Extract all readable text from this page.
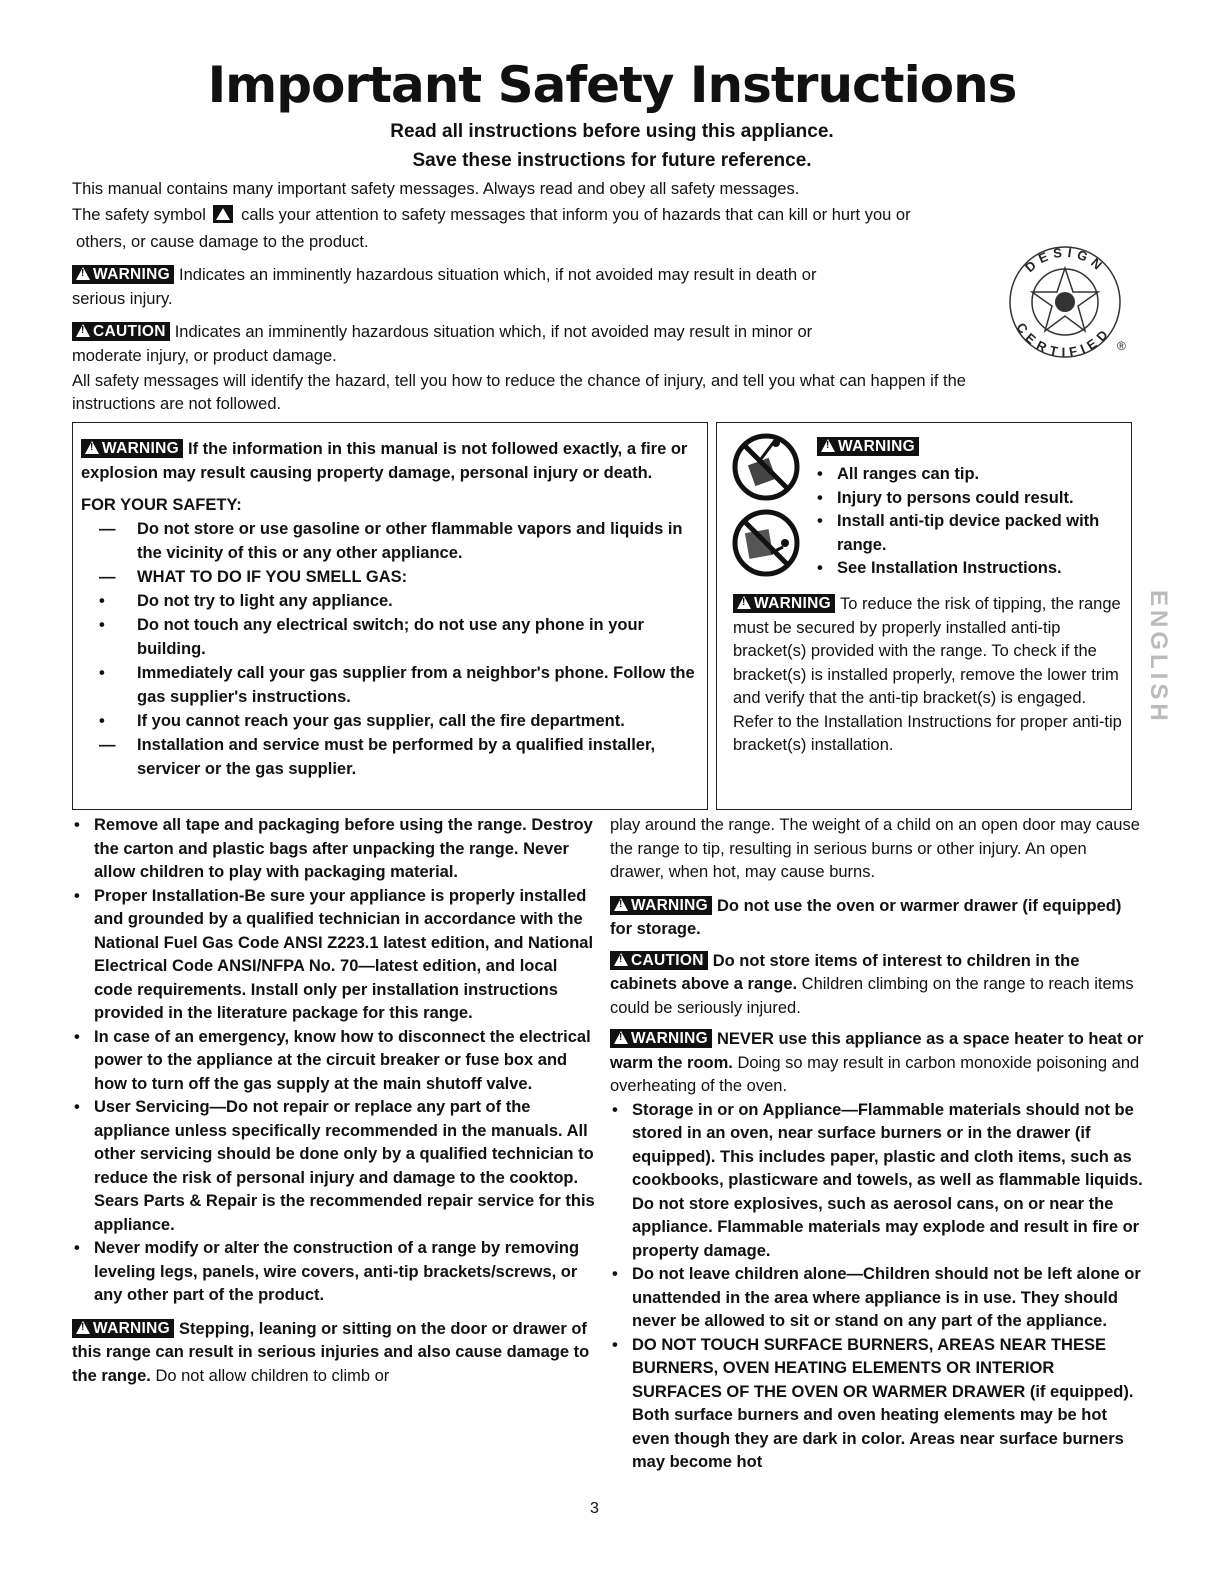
Important Safety Instructions
Read all instructions before using this appliance.
Save these instructions for future reference.
This manual contains many important safety messages. Always read and obey all safety messages.
The safety symbol calls your attention to safety messages that inform you of hazards that can kill or hurt you or
others, or cause damage to the product.
!WARNING Indicates an imminently hazardous situation which, if not avoided may result in death or
serious injury.
!CAUTION Indicates an imminently hazardous situation which, if not avoided may result in minor or
moderate injury, or product damage.
All safety messages will identify the hazard, tell you how to reduce the chance of injury, and tell you what can happen if the
instructions are not followed.
DESIGN
CERTIFIED
®
!WARNING If the information in this manual is not followed exactly, a fire or explosion may result causing property damage, personal injury or death.
FOR YOUR SAFETY:
— Do not store or use gasoline or other flammable vapors and liquids in the vicinity of this or any other appliance.
— WHAT TO DO IF YOU SMELL GAS:
• Do not try to light any appliance.
• Do not touch any electrical switch; do not use any phone in your building.
• Immediately call your gas supplier from a neighbor's phone. Follow the gas supplier's instructions.
• If you cannot reach your gas supplier, call the fire department.
— Installation and service must be performed by a qualified installer, servicer or the gas supplier.
!WARNING
• All ranges can tip.
• Injury to persons could result.
• Install anti-tip device packed with range.
• See Installation Instructions.
!WARNING To reduce the risk of tipping, the range must be secured by properly installed anti-tip bracket(s) provided with the range. To check if the bracket(s) is installed properly, remove the lower trim and verify that the anti-tip bracket(s) is engaged. Refer to the Installation Instructions for proper anti-tip bracket(s) installation.
ENGLISH
• Remove all tape and packaging before using the range. Destroy the carton and plastic bags after unpacking the range. Never allow children to play with packaging material.
• Proper Installation-Be sure your appliance is properly installed and grounded by a qualified technician in accordance with the National Fuel Gas Code ANSI Z223.1 latest edition, and National Electrical Code ANSI/NFPA No. 70—latest edition, and local code requirements. Install only per installation instructions provided in the literature package for this range.
• In case of an emergency, know how to disconnect the electrical power to the appliance at the circuit breaker or fuse box and how to turn off the gas supply at the main shutoff valve.
• User Servicing—Do not repair or replace any part of the appliance unless specifically recommended in the manuals. All other servicing should be done only by a qualified technician to reduce the risk of personal injury and damage to the cooktop. Sears Parts & Repair is the recommended repair service for this appliance.
• Never modify or alter the construction of a range by removing leveling legs, panels, wire covers, anti-tip brackets/screws, or any other part of the product.

!WARNING Stepping, leaning or sitting on the door or drawer of this range can result in serious injuries and also cause damage to the range. Do not allow children to climb or

play around the range. The weight of a child on an open door may cause the range to tip, resulting in serious burns or other injury. An open drawer, when hot, may cause burns.

!WARNING Do not use the oven or warmer drawer (if equipped) for storage.

!CAUTION Do not store items of interest to children in the cabinets above a range. Children climbing on the range to reach items could be seriously injured.

!WARNING NEVER use this appliance as a space heater to heat or warm the room. Doing so may result in carbon monoxide poisoning and overheating of the oven.

• Storage in or on Appliance—Flammable materials should not be stored in an oven, near surface burners or in the drawer (if equipped). This includes paper, plastic and cloth items, such as cookbooks, plasticware and towels, as well as flammable liquids. Do not store explosives, such as aerosol cans, on or near the appliance. Flammable materials may explode and result in fire or property damage.
• Do not leave children alone—Children should not be left alone or unattended in the area where appliance is in use. They should never be allowed to sit or stand on any part of the appliance.
• DO NOT TOUCH SURFACE BURNERS, AREAS NEAR THESE BURNERS, OVEN HEATING ELEMENTS OR INTERIOR SURFACES OF THE OVEN OR WARMER DRAWER (if equipped). Both surface burners and oven heating elements may be hot even though they are dark in color. Areas near surface burners may become hot
3
